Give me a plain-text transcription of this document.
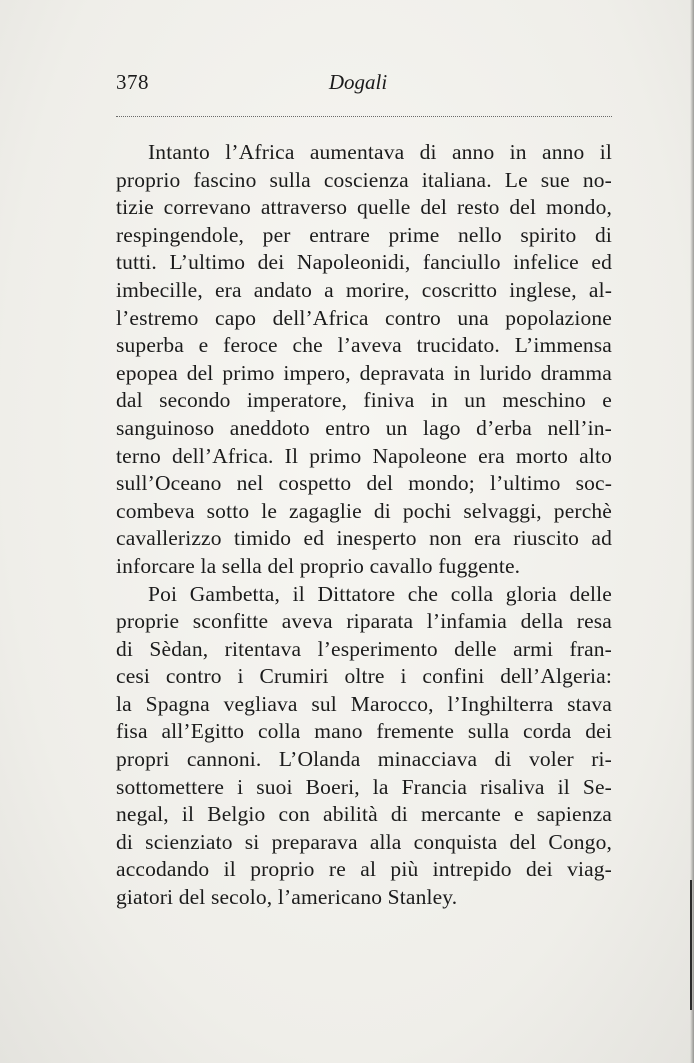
378	Dogali
Intanto l’Africa aumentava di anno in anno il
proprio fascino sulla coscienza italiana. Le sue no-
tizie correvano attraverso quelle del resto del mondo,
respingendole, per entrare prime nello spirito di
tutti. L’ultimo dei Napoleonidi, fanciullo infelice ed
imbecille, era andato a morire, coscritto inglese, al-
l’estremo capo dell’Africa contro una popolazione
superba e feroce che l’aveva trucidato. L’immensa
epopea del primo impero, depravata in lurido dramma
dal secondo imperatore, finiva in un meschino e
sanguinoso aneddoto entro un lago d’erba nell’in-
terno dell’Africa. Il primo Napoleone era morto alto
sull’Oceano nel cospetto del mondo; l’ultimo soc-
combeva sotto le zagaglie di pochi selvaggi, perchè
cavallerizzo timido ed inesperto non era riuscito ad
inforcare la sella del proprio cavallo fuggente.
Poi Gambetta, il Dittatore che colla gloria delle
proprie sconfitte aveva riparata l’infamia della resa
di Sèdan, ritentava l’esperimento delle armi fran-
cesi contro i Crumiri oltre i confini dell’Algeria:
la Spagna vegliava sul Marocco, l’Inghilterra stava
fisa all’Egitto colla mano fremente sulla corda dei
propri cannoni. L’Olanda minacciava di voler ri-
sottomettere i suoi Boeri, la Francia risaliva il Se-
negal, il Belgio con abilità di mercante e sapienza
di scienziato si preparava alla conquista del Congo,
accodando il proprio re al più intrepido dei viag-
giatori del secolo, l’americano Stanley.
